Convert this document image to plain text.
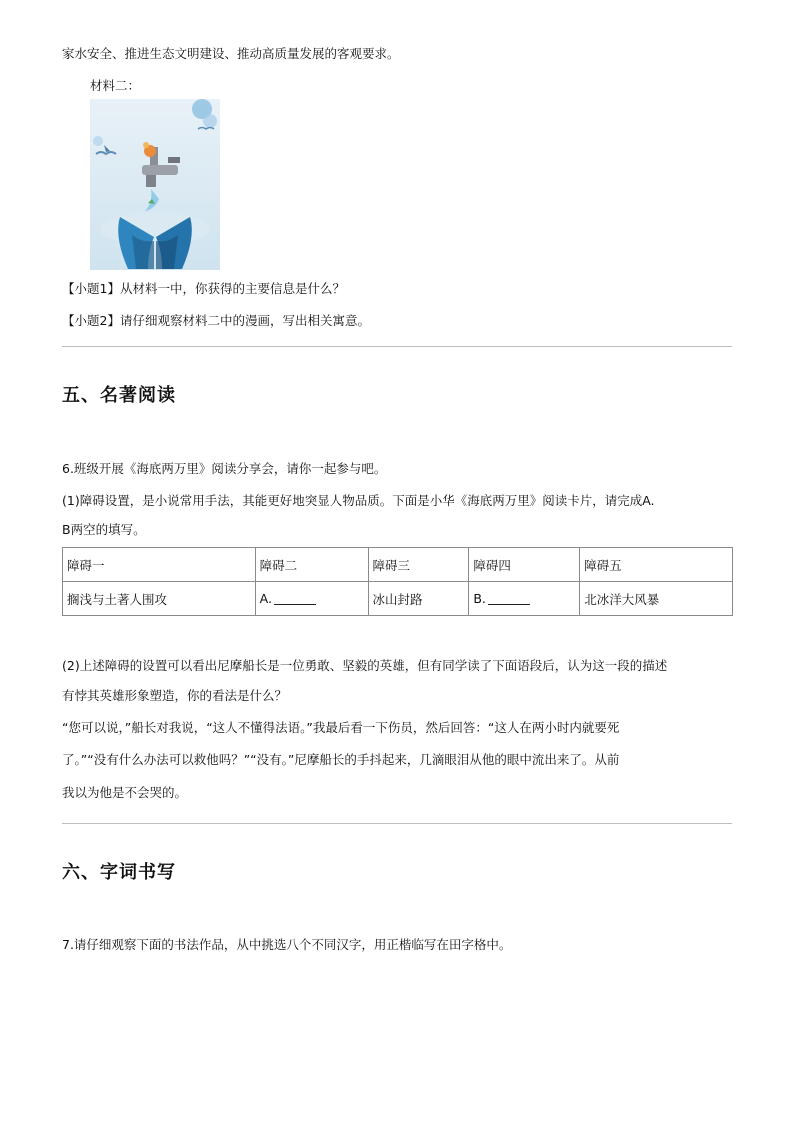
家水安全、推进生态文明建设、推动高质量发展的客观要求。
材料二：
【小题1】从材料一中，你获得的主要信息是什么？
【小题2】请仔细观察材料二中的漫画，写出相关寓意。
五、名著阅读
6.班级开展《海底两万里》阅读分享会，请你一起参与吧。
(1)障碍设置，是小说常用手法，其能更好地突显人物品质。下面是小华《海底两万里》阅读卡片，请完成A.
B两空的填写。
障碍一	障碍二	障碍三	障碍四	障碍五
搁浅与土著人围攻	A.	冰山封路	B.	北冰洋大风暴
(2)上述障碍的设置可以看出尼摩船长是一位勇敢、坚毅的英雄，但有同学读了下面语段后，认为这一段的描述
有悖其英雄形象塑造，你的看法是什么？
“您可以说，”船长对我说，“这人不懂得法语。”我最后看一下伤员，然后回答：“这人在两小时内就要死
了。”“没有什么办法可以救他吗？”“没有。”尼摩船长的手抖起来，几滴眼泪从他的眼中流出来了。从前
我以为他是不会哭的。
六、字词书写
7.请仔细观察下面的书法作品，从中挑选八个不同汉字，用正楷临写在田字格中。
